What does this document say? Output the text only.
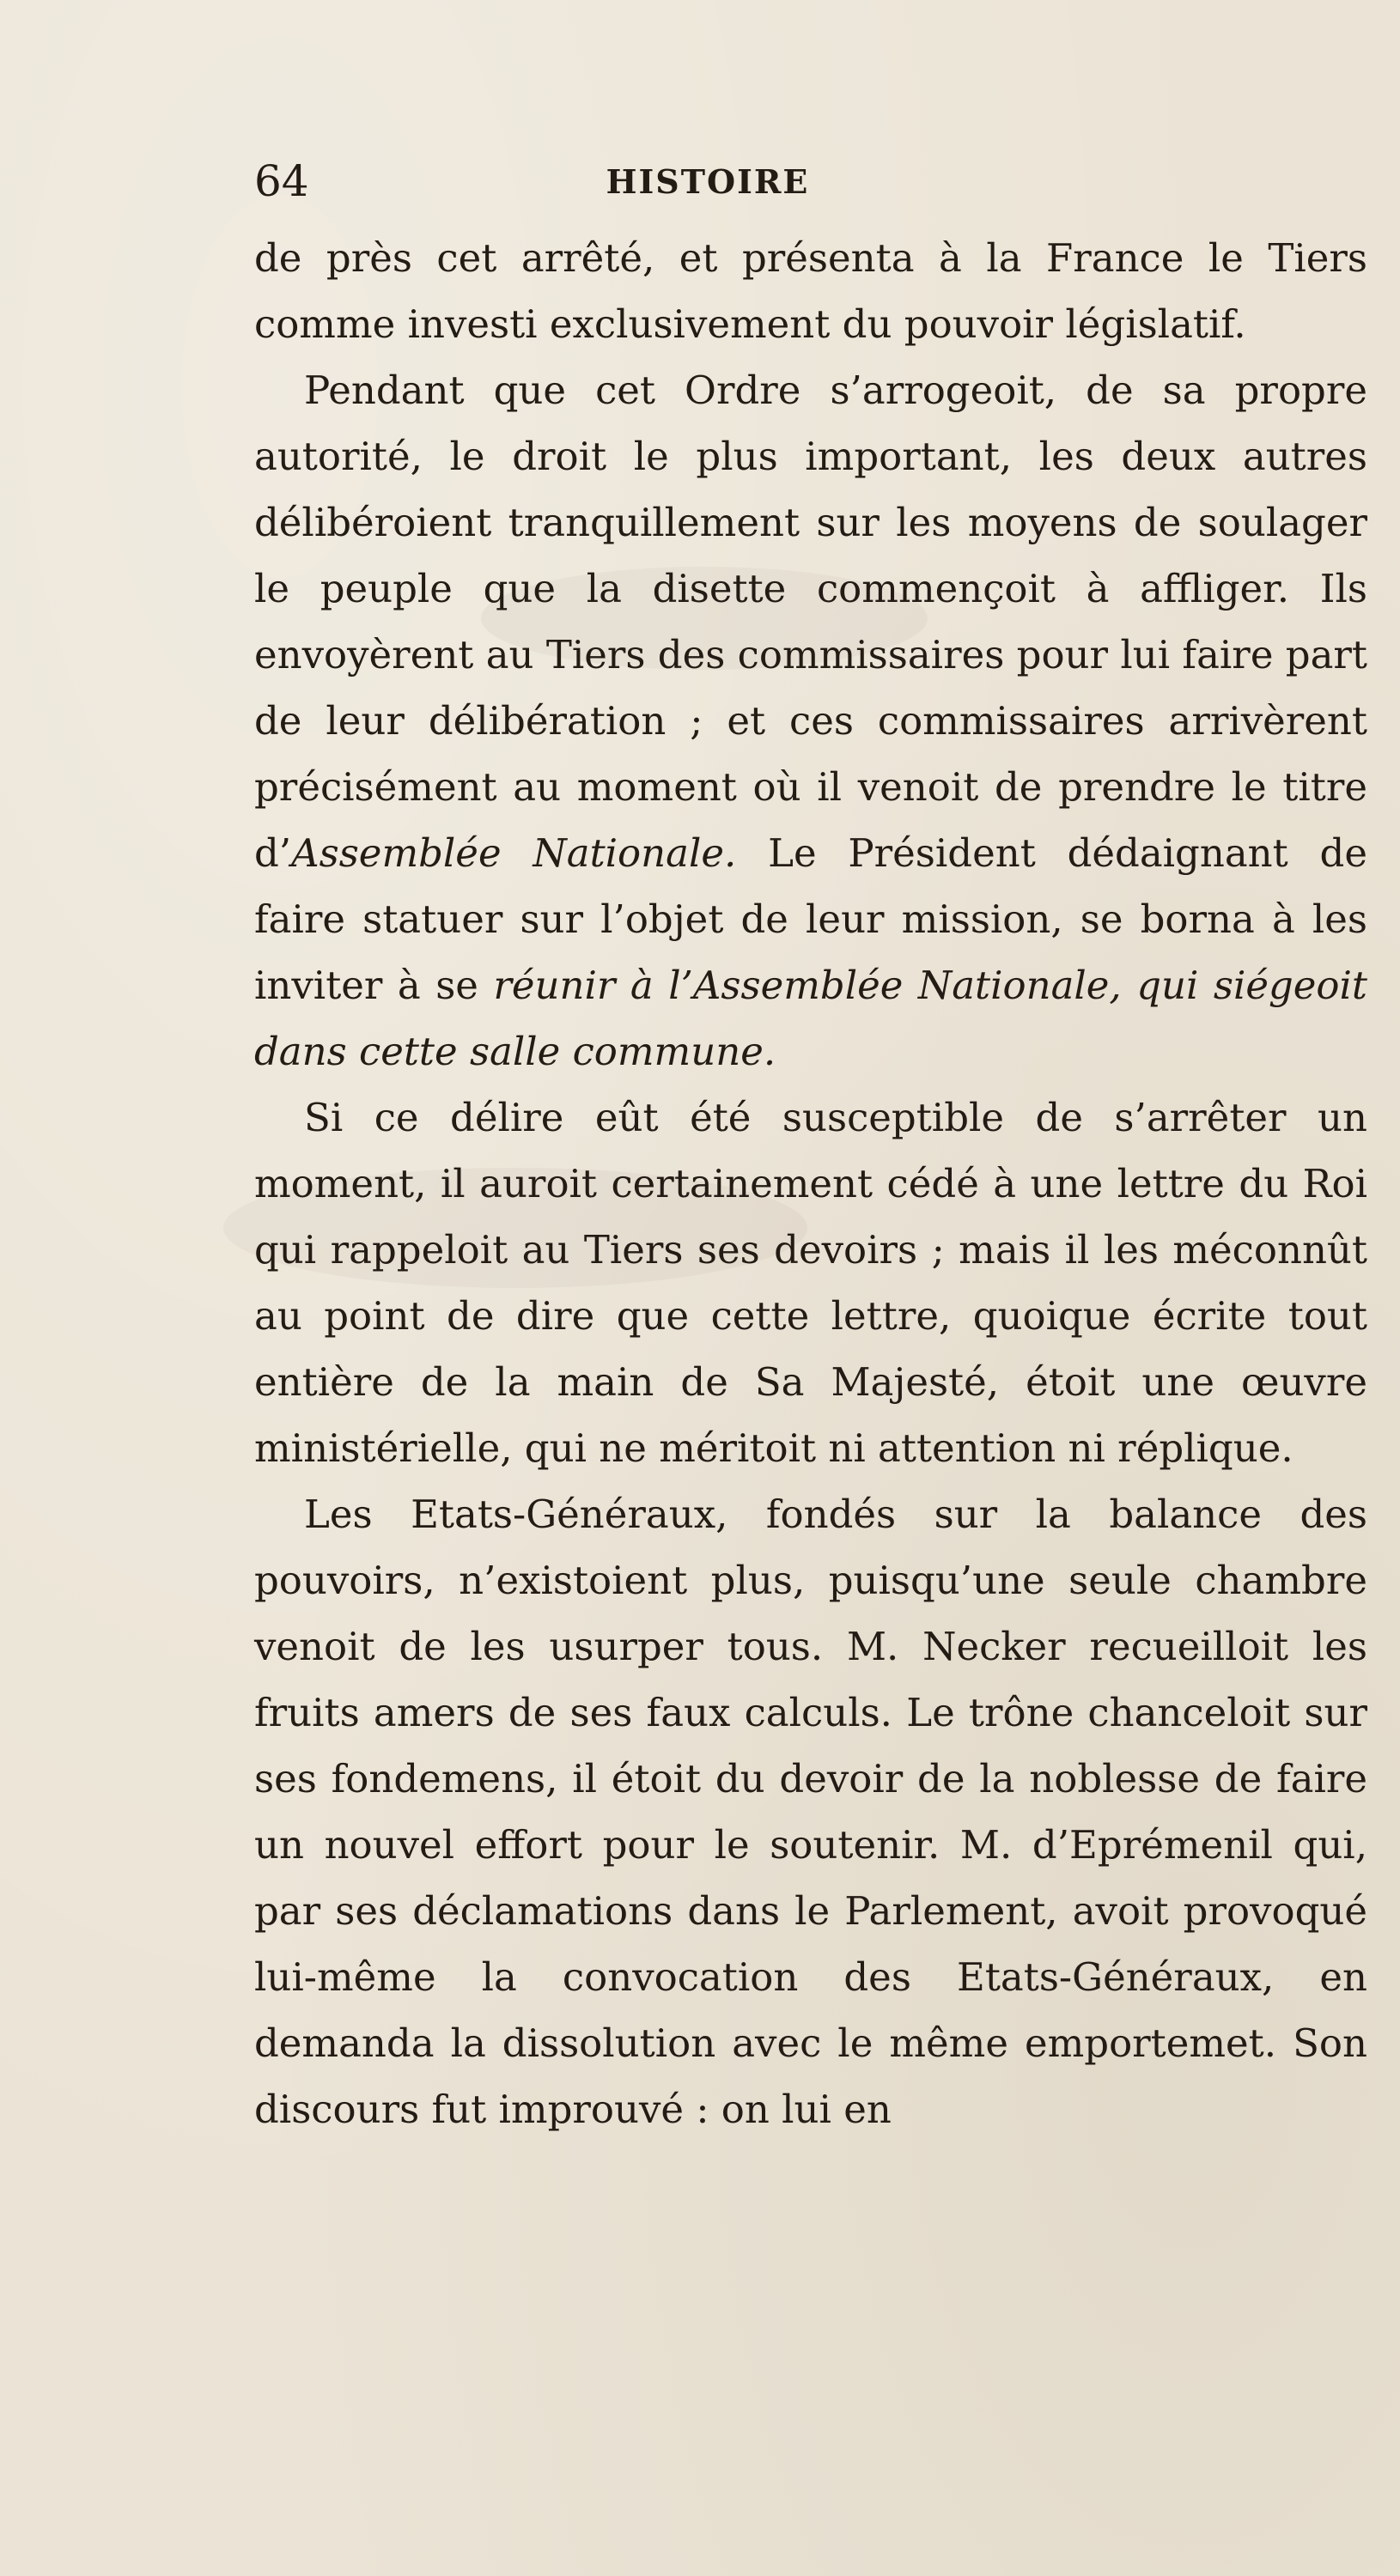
64	HISTOIRE

de près cet arrêté, et présenta à la France le Tiers comme investi exclusivement du pouvoir législatif.

Pendant que cet Ordre s’arrogeoit, de sa propre autorité, le droit le plus important, les deux autres délibéroient tranquillement sur les moyens de soulager le peuple que la disette commençoit à affliger. Ils envoyèrent au Tiers des commissaires pour lui faire part de leur délibération ; et ces commissaires arrivèrent précisément au moment où il venoit de prendre le titre d’Assemblée Nationale. Le Président dédaignant de faire statuer sur l’objet de leur mission, se borna à les inviter à se réunir à l’Assemblée Nationale, qui siégeoit dans cette salle commune.

Si ce délire eût été susceptible de s’arrêter un moment, il auroit certainement cédé à une lettre du Roi qui rappeloit au Tiers ses devoirs ; mais il les méconnût au point de dire que cette lettre, quoique écrite tout entière de la main de Sa Majesté, étoit une œuvre ministérielle, qui ne méritoit ni attention ni réplique.

Les Etats-Généraux, fondés sur la balance des pouvoirs, n’existoient plus, puisqu’une seule chambre venoit de les usurper tous. M. Necker recueilloit les fruits amers de ses faux calculs. Le trône chanceloit sur ses fondemens, il étoit du devoir de la noblesse de faire un nouvel effort pour le soutenir. M. d’Eprémenil qui, par ses déclamations dans le Parlement, avoit provoqué lui-même la convocation des Etats-Généraux, en demanda la dissolution avec le même emportemet. Son discours fut improuvé : on lui en
